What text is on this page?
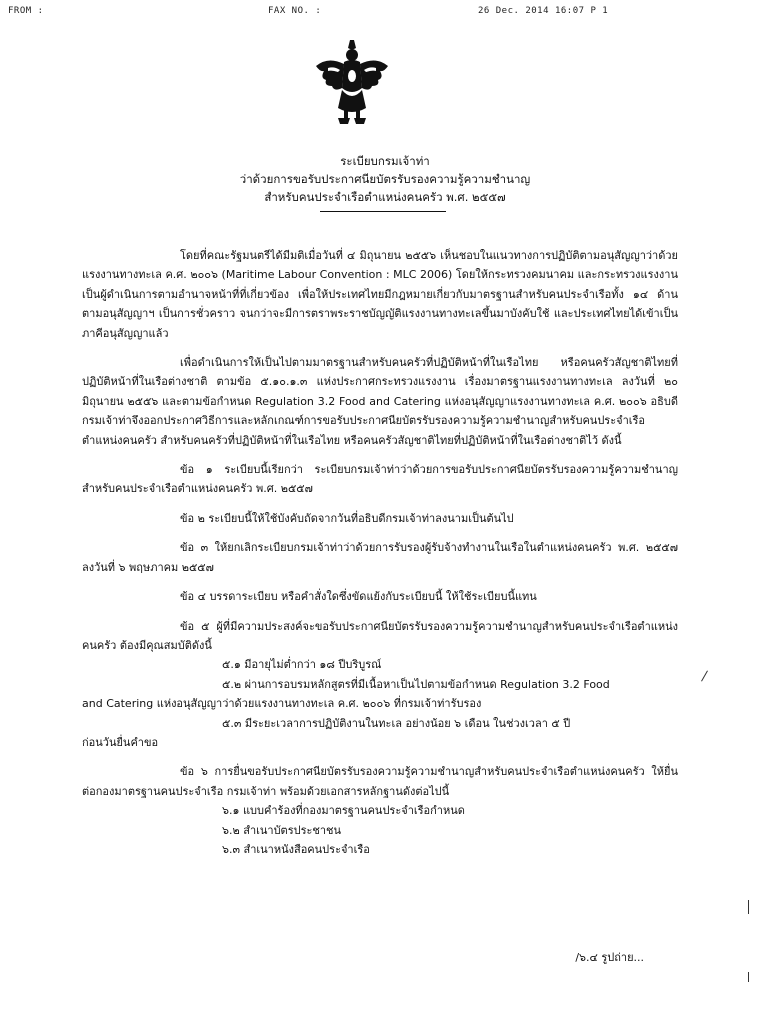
FROM :	FAX NO. :	26 Dec. 2014 16:07 P 1
ระเบียบกรมเจ้าท่า
ว่าด้วยการขอรับประกาศนียบัตรรับรองความรู้ความชำนาญ
สำหรับคนประจำเรือตำแหน่งคนครัว พ.ศ. ๒๕๕๗

โดยที่คณะรัฐมนตรีได้มีมติเมื่อวันที่ ๔ มิถุนายน ๒๕๕๖ เห็นชอบในแนวทางการปฏิบัติตามอนุสัญญาว่าด้วยแรงงานทางทะเล ค.ศ. ๒๐๐๖ (Maritime Labour Convention : MLC 2006) โดยให้กระทรวงคมนาคม และกระทรวงแรงงานเป็นผู้ดำเนินการตามอำนาจหน้าที่ที่เกี่ยวข้อง เพื่อให้ประเทศไทยมีกฎหมายเกี่ยวกับมาตรฐานสำหรับคนประจำเรือทั้ง ๑๔ ด้าน ตามอนุสัญญาฯ เป็นการชั่วคราว จนกว่าจะมีการตราพระราชบัญญัติแรงงานทางทะเลขึ้นมาบังคับใช้ และประเทศไทยได้เข้าเป็นภาคีอนุสัญญาแล้ว

เพื่อดำเนินการให้เป็นไปตามมาตรฐานสำหรับคนครัวที่ปฏิบัติหน้าที่ในเรือไทย หรือคนครัวสัญชาติไทยที่ปฏิบัติหน้าที่ในเรือต่างชาติ ตามข้อ ๕.๑๐.๑.๓ แห่งประกาศกระทรวงแรงงาน เรื่องมาตรฐานแรงงานทางทะเล ลงวันที่ ๒๐ มิถุนายน ๒๕๕๖ และตามข้อกำหนด Regulation 3.2 Food and Catering แห่งอนุสัญญาแรงงานทางทะเล ค.ศ. ๒๐๐๖ อธิบดีกรมเจ้าท่าจึงออกประกาศวิธีการและหลักเกณฑ์การขอรับประกาศนียบัตรรับรองความรู้ความชำนาญสำหรับคนประจำเรือตำแหน่งคนครัว สำหรับคนครัวที่ปฏิบัติหน้าที่ในเรือไทย หรือคนครัวสัญชาติไทยที่ปฏิบัติหน้าที่ในเรือต่างชาติไว้ ดังนี้

ข้อ ๑ ระเบียบนี้เรียกว่า ระเบียบกรมเจ้าท่าว่าด้วยการขอรับประกาศนียบัตรรับรองความรู้ความชำนาญสำหรับคนประจำเรือตำแหน่งคนครัว พ.ศ. ๒๕๕๗

ข้อ ๒ ระเบียบนี้ให้ใช้บังคับถัดจากวันที่อธิบดีกรมเจ้าท่าลงนามเป็นต้นไป

ข้อ ๓ ให้ยกเลิกระเบียบกรมเจ้าท่าว่าด้วยการรับรองผู้รับจ้างทำงานในเรือในตำแหน่งคนครัว พ.ศ. ๒๕๕๗ ลงวันที่ ๖ พฤษภาคม ๒๕๕๗

ข้อ ๔ บรรดาระเบียบ หรือคำสั่งใดซึ่งขัดแย้งกับระเบียบนี้ ให้ใช้ระเบียบนี้แทน

ข้อ ๕ ผู้ที่มีความประสงค์จะขอรับประกาศนียบัตรรับรองความรู้ความชำนาญสำหรับคนประจำเรือตำแหน่งคนครัว ต้องมีคุณสมบัติดังนี้

๕.๑ มีอายุไม่ต่ำกว่า ๑๘ ปีบริบูรณ์

๕.๒ ผ่านการอบรมหลักสูตรที่มีเนื้อหาเป็นไปตามข้อกำหนด Regulation 3.2 Food

and Catering แห่งอนุสัญญาว่าด้วยแรงงานทางทะเล ค.ศ. ๒๐๐๖ ที่กรมเจ้าท่ารับรอง

๕.๓ มีระยะเวลาการปฏิบัติงานในทะเล อย่างน้อย ๖ เดือน ในช่วงเวลา ๕ ปี

ก่อนวันยื่นคำขอ

ข้อ ๖ การยื่นขอรับประกาศนียบัตรรับรองความรู้ความชำนาญสำหรับคนประจำเรือตำแหน่งคนครัว ให้ยื่นต่อกองมาตรฐานคนประจำเรือ กรมเจ้าท่า พร้อมด้วยเอกสารหลักฐานดังต่อไปนี้

๖.๑ แบบคำร้องที่กองมาตรฐานคนประจำเรือกำหนด

๖.๒ สำเนาบัตรประชาชน

๖.๓ สำเนาหนังสือคนประจำเรือ

/๖.๔ รูปถ่าย...
